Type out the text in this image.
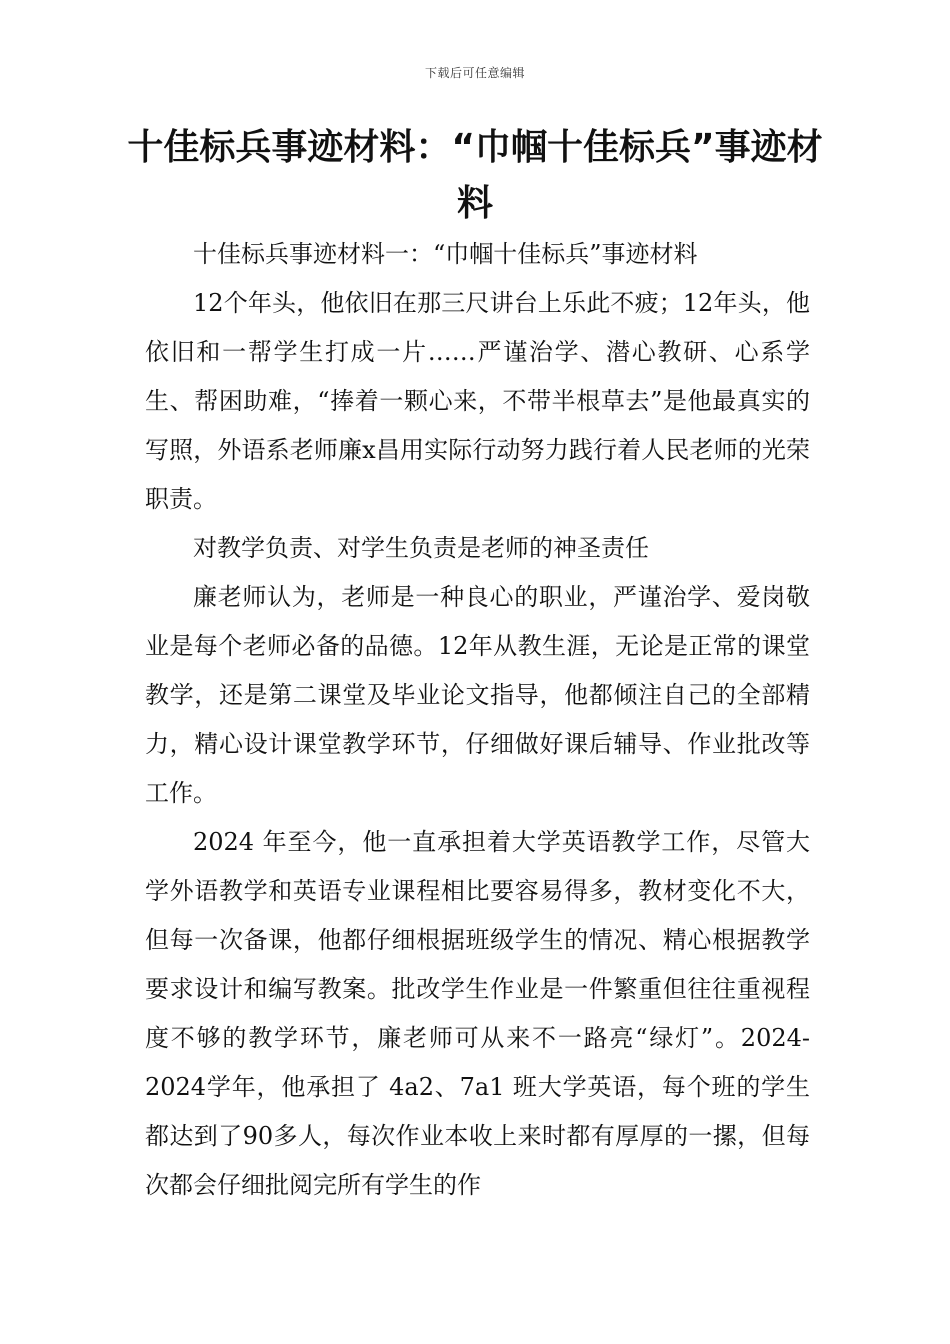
下载后可任意编辑
十佳标兵事迹材料：“巾帼十佳标兵”事迹材料

十佳标兵事迹材料一：“巾帼十佳标兵”事迹材料

12个年头，他依旧在那三尺讲台上乐此不疲；12年头，他依旧和一帮学生打成一片……严谨治学、潜心教研、心系学生、帮困助难，“捧着一颗心来，不带半根草去”是他最真实的写照，外语系老师廉x昌用实际行动努力践行着人民老师的光荣职责。

对教学负责、对学生负责是老师的神圣责任

廉老师认为，老师是一种良心的职业，严谨治学、爱岗敬业是每个老师必备的品德。12年从教生涯，无论是正常的课堂教学，还是第二课堂及毕业论文指导，他都倾注自己的全部精力，精心设计课堂教学环节，仔细做好课后辅导、作业批改等工作。

2024 年至今，他一直承担着大学英语教学工作，尽管大学外语教学和英语专业课程相比要容易得多，教材变化不大，但每一次备课，他都仔细根据班级学生的情况、精心根据教学要求设计和编写教案。批改学生作业是一件繁重但往往重视程度不够的教学环节，廉老师可从来不一路亮“绿灯”。2024-2024学年，他承担了 4a2、7a1 班大学英语，每个班的学生都达到了90多人，每次作业本收上来时都有厚厚的一摞，但每次都会仔细批阅完所有学生的作
